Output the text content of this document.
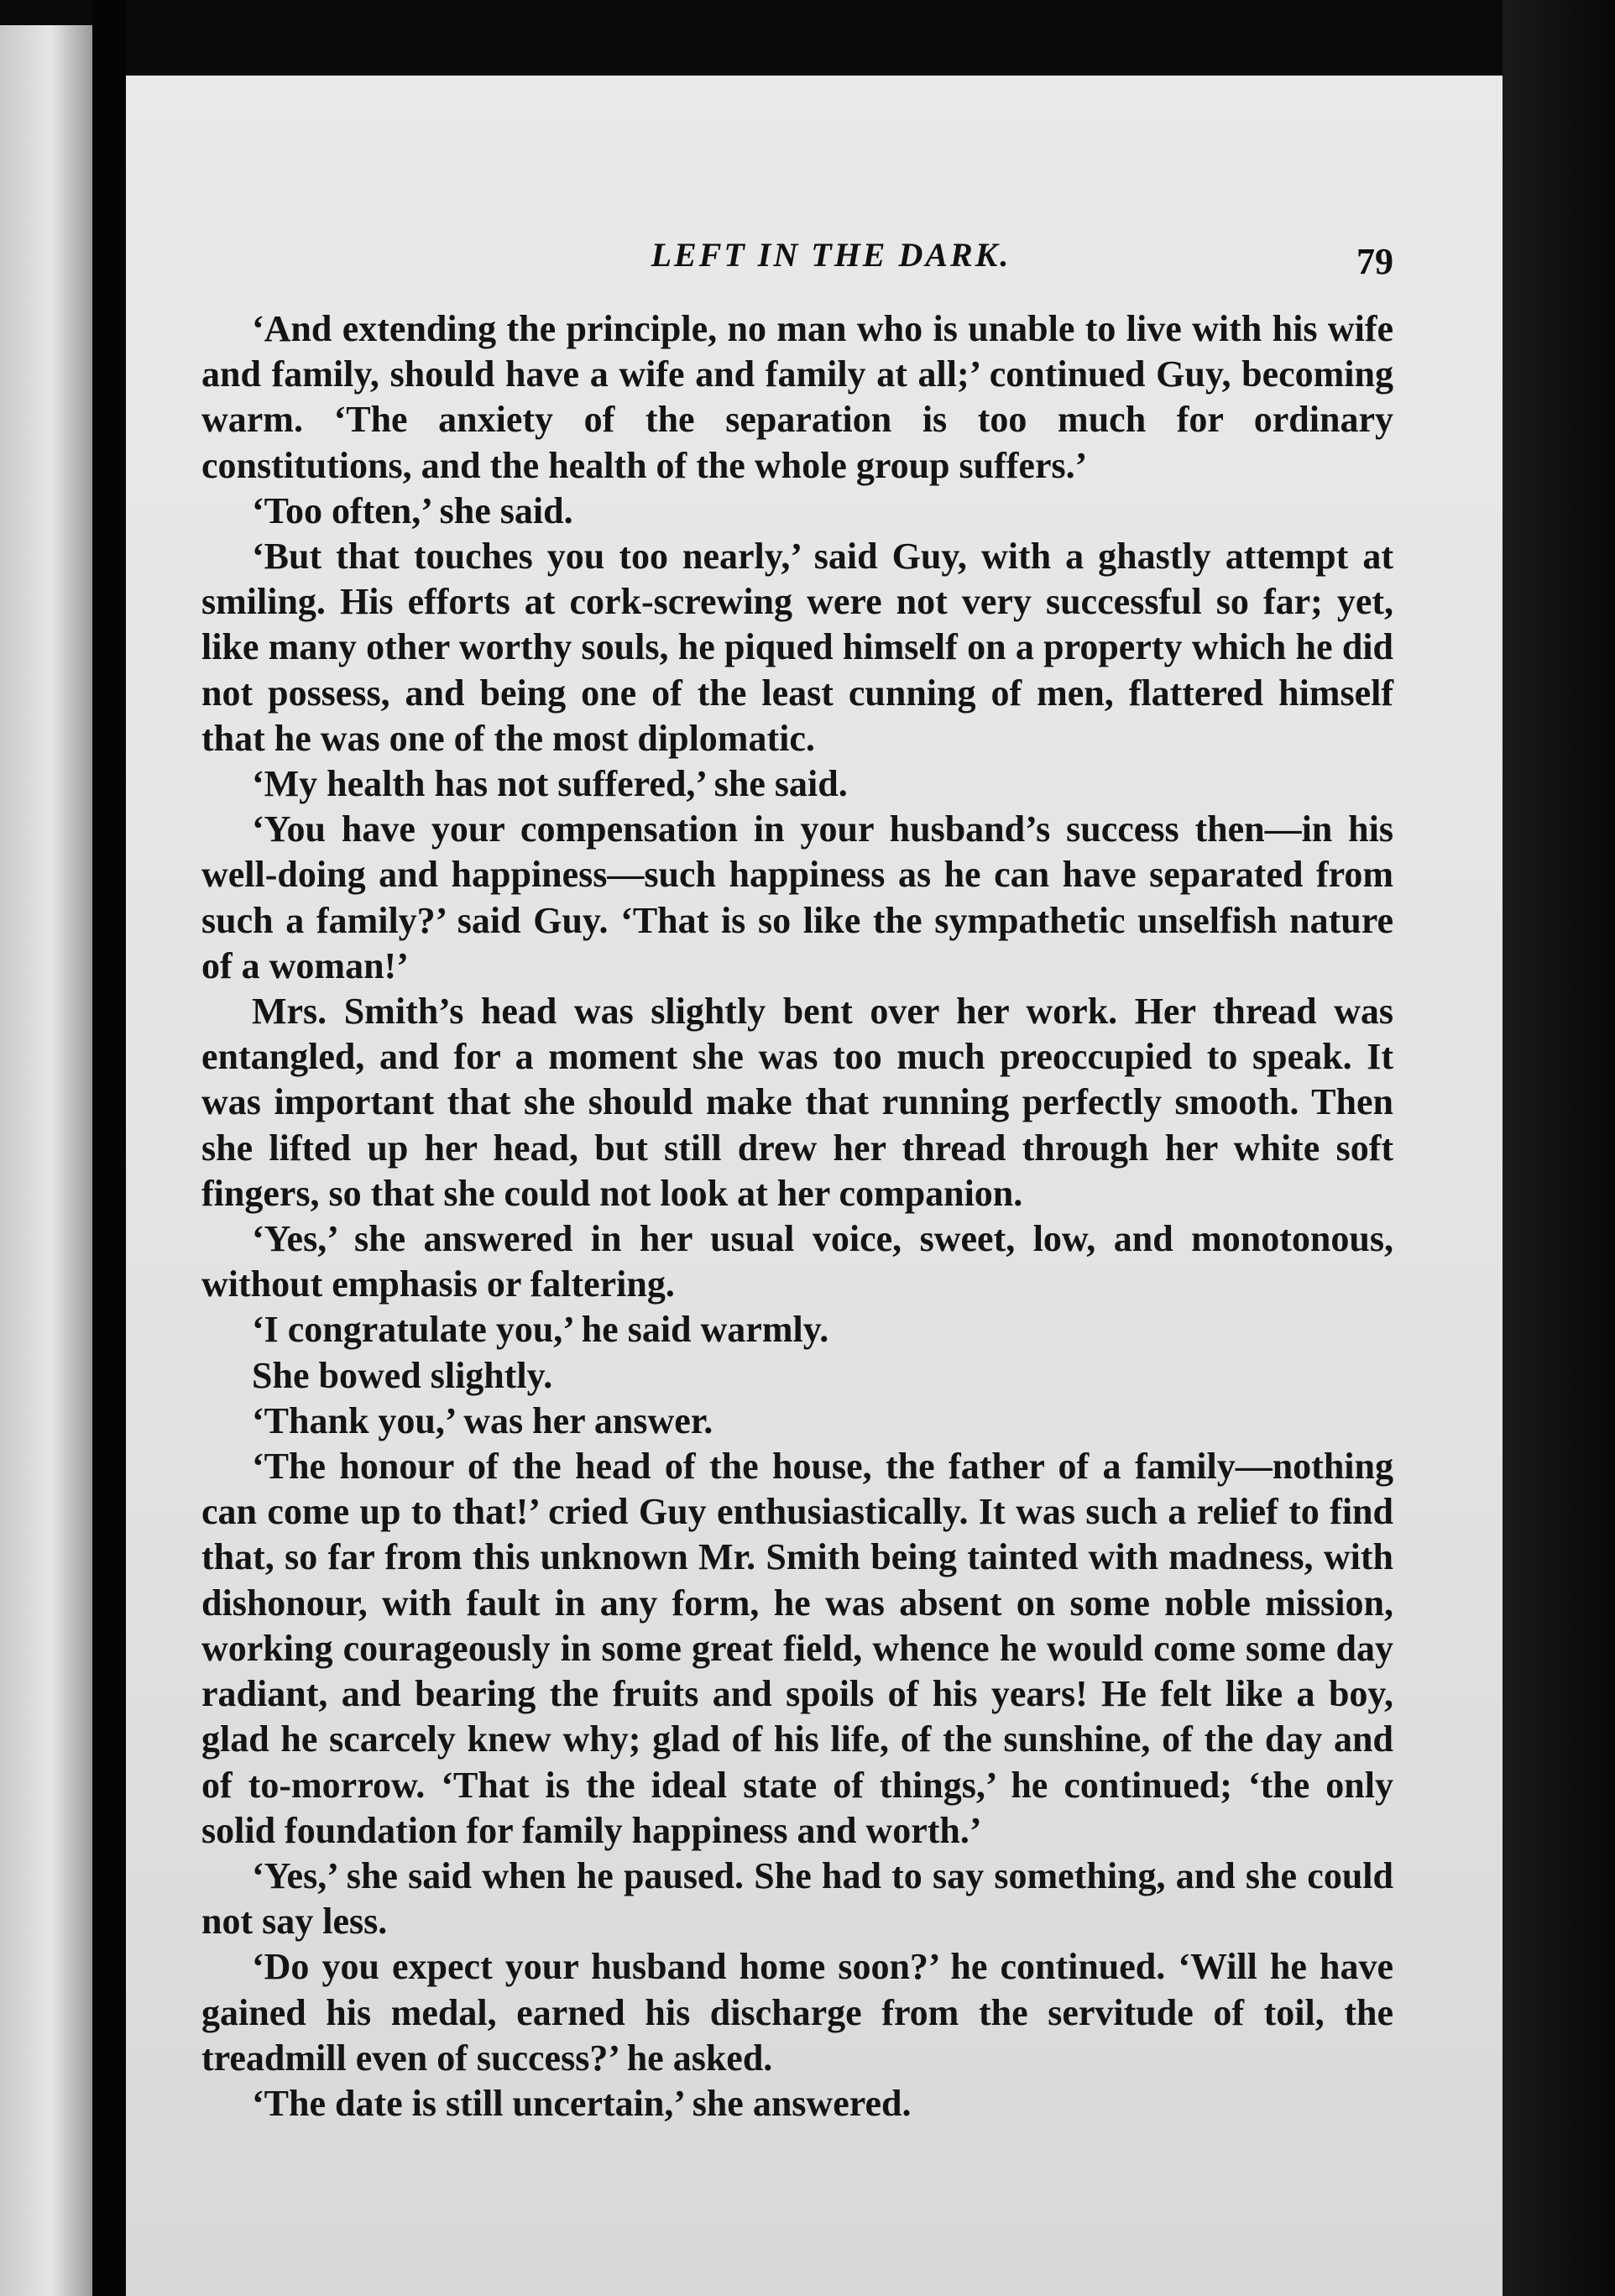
LEFT IN THE DARK.	79

‘And extending the principle, no man who is unable to live with his wife and family, should have a wife and family at all;’ continued Guy, becoming warm. ‘The anxiety of the separation is too much for ordinary constitutions, and the health of the whole group suffers.’

‘Too often,’ she said.

‘But that touches you too nearly,’ said Guy, with a ghastly attempt at smiling. His efforts at cork-screwing were not very successful so far; yet, like many other worthy souls, he piqued himself on a property which he did not possess, and being one of the least cunning of men, flattered himself that he was one of the most diplomatic.

‘My health has not suffered,’ she said.

‘You have your compensation in your husband’s success then—in his well-doing and happiness—such happiness as he can have separated from such a family?’ said Guy. ‘That is so like the sympathetic unselfish nature of a woman!’

Mrs. Smith’s head was slightly bent over her work. Her thread was entangled, and for a moment she was too much preoccupied to speak. It was important that she should make that running perfectly smooth. Then she lifted up her head, but still drew her thread through her white soft fingers, so that she could not look at her companion.

‘Yes,’ she answered in her usual voice, sweet, low, and monotonous, without emphasis or faltering.

‘I congratulate you,’ he said warmly.

She bowed slightly.

‘Thank you,’ was her answer.

‘The honour of the head of the house, the father of a family—nothing can come up to that!’ cried Guy enthusiastically. It was such a relief to find that, so far from this unknown Mr. Smith being tainted with madness, with dishonour, with fault in any form, he was absent on some noble mission, working courageously in some great field, whence he would come some day radiant, and bearing the fruits and spoils of his years! He felt like a boy, glad he scarcely knew why; glad of his life, of the sunshine, of the day and of to-morrow. ‘That is the ideal state of things,’ he continued; ‘the only solid foundation for family happiness and worth.’

‘Yes,’ she said when he paused. She had to say something, and she could not say less.

‘Do you expect your husband home soon?’ he continued. ‘Will he have gained his medal, earned his discharge from the servitude of toil, the treadmill even of success?’ he asked.

‘The date is still uncertain,’ she answered.
